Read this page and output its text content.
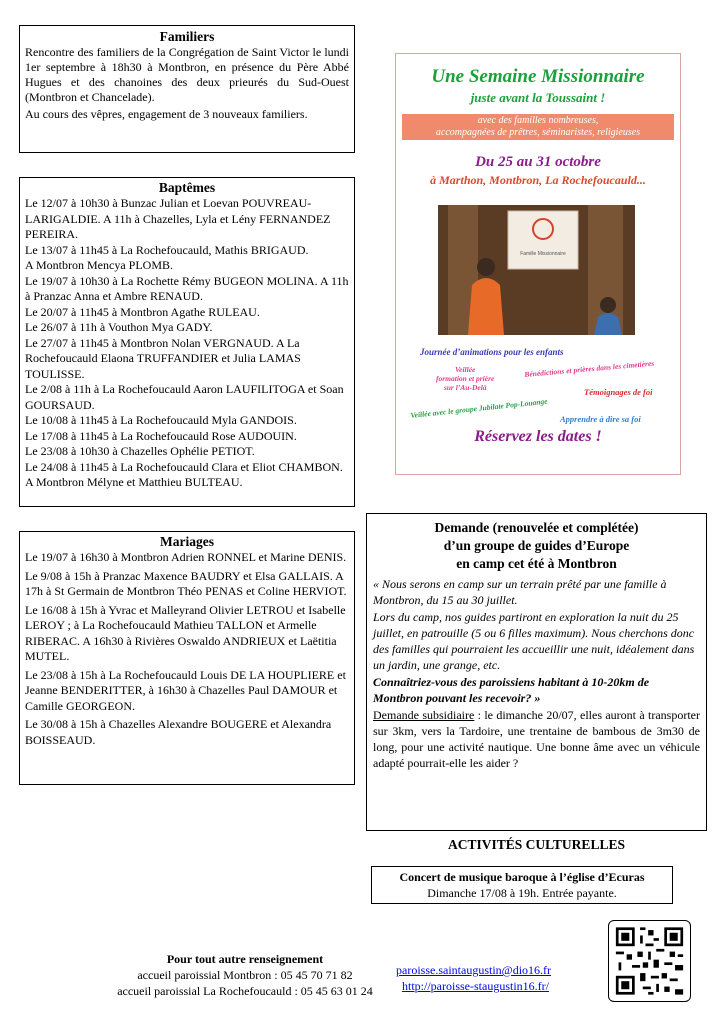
Familiers

Rencontre des familiers de la Congrégation de Saint Victor le lundi 1er septembre à 18h30 à Montbron, en présence du Père Abbé Hugues et des chanoines des deux prieurés du Sud-Ouest (Montbron et Chancelade).

Au cours des vêpres, engagement de 3 nouveaux familiers.

Baptêmes

Le 12/07 à 10h30 à Bunzac Julian et Loevan POUVREAU-LARIGALDIE. A 11h à Chazelles, Lyla et Lény FERNANDEZ PEREIRA.

Le 13/07 à 11h45 à La Rochefoucauld, Mathis BRIGAUD.

A Montbron Mencya PLOMB.

Le 19/07 à 10h30 à La Rochette Rémy BUGEON MOLINA. A 11h à Pranzac Anna et Ambre RENAUD.

Le 20/07 à 11h45 à Montbron Agathe RULEAU.

Le 26/07 à 11h à Vouthon Mya GADY.

Le 27/07 à 11h45 à Montbron Nolan VERGNAUD. A La Rochefoucauld Elaona TRUFFANDIER et Julia LAMAS TOULISSE.

Le 2/08 à 11h à La Rochefoucauld Aaron LAUFILITOGA et Soan GOURSAUD.

Le 10/08 à 11h45 à La Rochefoucauld Myla GANDOIS.

Le 17/08 à 11h45 à La Rochefoucauld Rose AUDOUIN.

Le 23/08 à 10h30 à Chazelles Ophélie PETIOT.

Le 24/08 à 11h45 à La Rochefoucauld Clara et Eliot CHAMBON. A Montbron Mélyne et Matthieu BULTEAU.

Mariages

Le 19/07 à 16h30 à Montbron Adrien RONNEL et Marine DENIS.

Le 9/08 à 15h à Pranzac Maxence BAUDRY et Elsa GALLAIS. A 17h à St Germain de Montbron Théo PENAS et Coline HERVIOT.

Le 16/08 à 15h à Yvrac et Malleyrand Olivier LETROU et Isabelle LEROY ; à La Rochefoucauld Mathieu TALLON et Armelle RIBERAC. A 16h30 à Rivières Oswaldo ANDRIEUX et Laëtitia MUTEL.

Le 23/08 à 15h à La Rochefoucauld Louis DE LA HOUPLIERE et Jeanne BENDERITTER, à 16h30 à Chazelles Paul DAMOUR et Camille GEORGEON.

Le 30/08 à 15h à Chazelles Alexandre BOUGERE et Alexandra BOISSEAUD.

Une Semaine Missionnaire
juste avant la Toussaint !
avec des familles nombreuses,
accompagnées de prêtres, séminaristes, religieuses
Du 25 au 31 octobre
à Marthon, Montbron, La Rochefoucauld...
Famille Missionnaire
Journée d’animations pour les enfants
Veillée
formation et prière
sur l’Au-Delà
Bénédictions et prières dans les cimetières
Témoignages de foi
Veillée avec le groupe Jubilate Pop-Louange Apprendre à dire sa foi
Réservez les dates !
Demande (renouvelée et complétée)
d’un groupe de guides d’Europe
en camp cet été à Montbron

« Nous serons en camp sur un terrain prêté par une famille à Montbron, du 15 au 30 juillet.

Lors du camp, nos guides partiront en exploration la nuit du 25 juillet, en patrouille (5 ou 6 filles maximum). Nous cherchons donc des familles qui pourraient les accueillir une nuit, idéalement dans un jardin, une grange, etc.

Connaîtriez-vous des paroissiens habitant à 10-20km de Montbron pouvant les recevoir? »

Demande subsidiaire : le dimanche 20/07, elles auront à transporter sur 3km, vers la Tardoire, une trentaine de bambous de 3m30 de long, pour une activité nautique. Une bonne âme avec un véhicule adapté pourrait-elle les aider ?

ACTIVITÉS CULTURELLES
Concert de musique baroque à l’église d’Ecuras
Dimanche 17/08 à 19h. Entrée payante.
Pour tout autre renseignement
accueil paroissial Montbron : 05 45 70 71 82
accueil paroissial La Rochefoucauld : 05 45 63 01 24
paroisse.saintaugustin@dio16.fr
http://paroisse-staugustin16.fr/
